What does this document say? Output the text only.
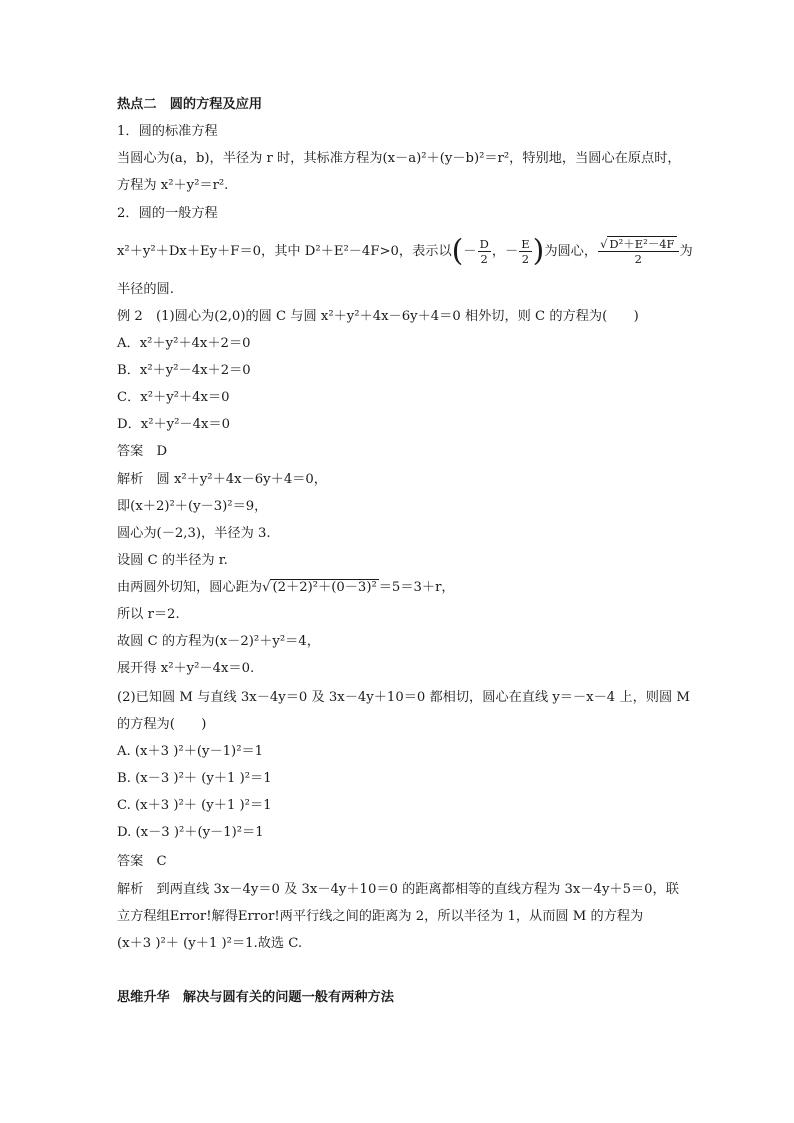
热点二　圆的方程及应用
1．圆的标准方程
当圆心为(a，b)，半径为 r 时，其标准方程为(x－a)²＋(y－b)²＝r²，特别地，当圆心在原点时，
方程为 x²＋y²＝r².
2．圆的一般方程
x²＋y²＋Dx＋Ey＋F＝0，其中 D²＋E²－4F>0，表示以(－ $\frac{D}{2}$ ，－ $\frac{E}{2}$ )为圆心， $\frac{\text{√ D²＋E²－4F}}{2}$ 为
半径的圆.
例 2　(1)圆心为(2,0)的圆 C 与圆 x²＋y²＋4x－6y＋4＝0 相外切，则 C 的方程为(　　)
A．x²＋y²＋4x＋2＝0
B．x²＋y²－4x＋2＝0
C．x²＋y²＋4x＝0
D．x²＋y²－4x＝0
答案　D
解析　圆 x²＋y²＋4x－6y＋4＝0，
即(x＋2)²＋(y－3)²＝9，
圆心为(－2,3)，半径为 3.
设圆 C 的半径为 r.
由两圆外切知，圆心距为√ (2＋2)²＋(0－3)² ＝5＝3＋r，
所以 r＝2.
故圆 C 的方程为(x－2)²＋y²＝4，
展开得 x²＋y²－4x＝0.
(2)已知圆 M 与直线 3x－4y＝0 及 3x－4y＋10＝0 都相切，圆心在直线 y＝－x－4 上，则圆 M
的方程为(　　)
A. (x＋3 )²＋(y－1)²＝1
B. (x－3 )²＋ (y＋1 )²＝1
C. (x＋3 )²＋ (y＋1 )²＝1
D. (x－3 )²＋(y－1)²＝1
答案　C
解析　到两直线 3x－4y＝0 及 3x－4y＋10＝0 的距离都相等的直线方程为 3x－4y＋5＝0，联
立方程组Error!解得Error!两平行线之间的距离为 2，所以半径为 1，从而圆 M 的方程为
(x＋3 )²＋ (y＋1 )²＝1.故选 C.
思维升华　解决与圆有关的问题一般有两种方法
